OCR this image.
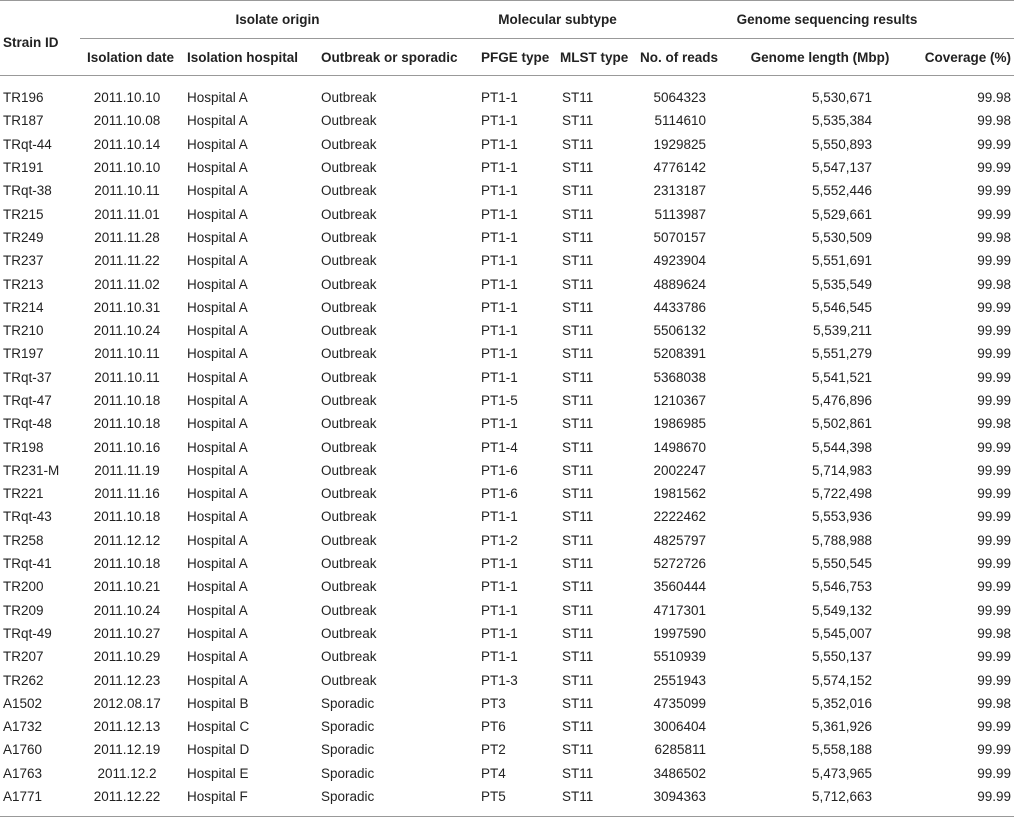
Strain ID	Isolate origin			Molecular subtype		Genome sequencing results		
	Isolation date	Isolation hospital	Outbreak or sporadic	PFGE type	MLST type	No. of reads	Genome length (Mbp)	Coverage (%)
TR196	2011.10.10	Hospital A	Outbreak	PT1-1	ST11	5064323	5,530,671	99.98
TR187	2011.10.08	Hospital A	Outbreak	PT1-1	ST11	5114610	5,535,384	99.98
TRqt-44	2011.10.14	Hospital A	Outbreak	PT1-1	ST11	1929825	5,550,893	99.99
TR191	2011.10.10	Hospital A	Outbreak	PT1-1	ST11	4776142	5,547,137	99.99
TRqt-38	2011.10.11	Hospital A	Outbreak	PT1-1	ST11	2313187	5,552,446	99.99
TR215	2011.11.01	Hospital A	Outbreak	PT1-1	ST11	5113987	5,529,661	99.99
TR249	2011.11.28	Hospital A	Outbreak	PT1-1	ST11	5070157	5,530,509	99.98
TR237	2011.11.22	Hospital A	Outbreak	PT1-1	ST11	4923904	5,551,691	99.99
TR213	2011.11.02	Hospital A	Outbreak	PT1-1	ST11	4889624	5,535,549	99.98
TR214	2011.10.31	Hospital A	Outbreak	PT1-1	ST11	4433786	5,546,545	99.99
TR210	2011.10.24	Hospital A	Outbreak	PT1-1	ST11	5506132	5,539,211	99.99
TR197	2011.10.11	Hospital A	Outbreak	PT1-1	ST11	5208391	5,551,279	99.99
TRqt-37	2011.10.11	Hospital A	Outbreak	PT1-1	ST11	5368038	5,541,521	99.99
TRqt-47	2011.10.18	Hospital A	Outbreak	PT1-5	ST11	1210367	5,476,896	99.99
TRqt-48	2011.10.18	Hospital A	Outbreak	PT1-1	ST11	1986985	5,502,861	99.98
TR198	2011.10.16	Hospital A	Outbreak	PT1-4	ST11	1498670	5,544,398	99.99
TR231-M	2011.11.19	Hospital A	Outbreak	PT1-6	ST11	2002247	5,714,983	99.99
TR221	2011.11.16	Hospital A	Outbreak	PT1-6	ST11	1981562	5,722,498	99.99
TRqt-43	2011.10.18	Hospital A	Outbreak	PT1-1	ST11	2222462	5,553,936	99.99
TR258	2011.12.12	Hospital A	Outbreak	PT1-2	ST11	4825797	5,788,988	99.99
TRqt-41	2011.10.18	Hospital A	Outbreak	PT1-1	ST11	5272726	5,550,545	99.99
TR200	2011.10.21	Hospital A	Outbreak	PT1-1	ST11	3560444	5,546,753	99.99
TR209	2011.10.24	Hospital A	Outbreak	PT1-1	ST11	4717301	5,549,132	99.99
TRqt-49	2011.10.27	Hospital A	Outbreak	PT1-1	ST11	1997590	5,545,007	99.98
TR207	2011.10.29	Hospital A	Outbreak	PT1-1	ST11	5510939	5,550,137	99.99
TR262	2011.12.23	Hospital A	Outbreak	PT1-3	ST11	2551943	5,574,152	99.99
A1502	2012.08.17	Hospital B	Sporadic	PT3	ST11	4735099	5,352,016	99.98
A1732	2011.12.13	Hospital C	Sporadic	PT6	ST11	3006404	5,361,926	99.99
A1760	2011.12.19	Hospital D	Sporadic	PT2	ST11	6285811	5,558,188	99.99
A1763	2011.12.2	Hospital E	Sporadic	PT4	ST11	3486502	5,473,965	99.99
A1771	2011.12.22	Hospital F	Sporadic	PT5	ST11	3094363	5,712,663	99.99
